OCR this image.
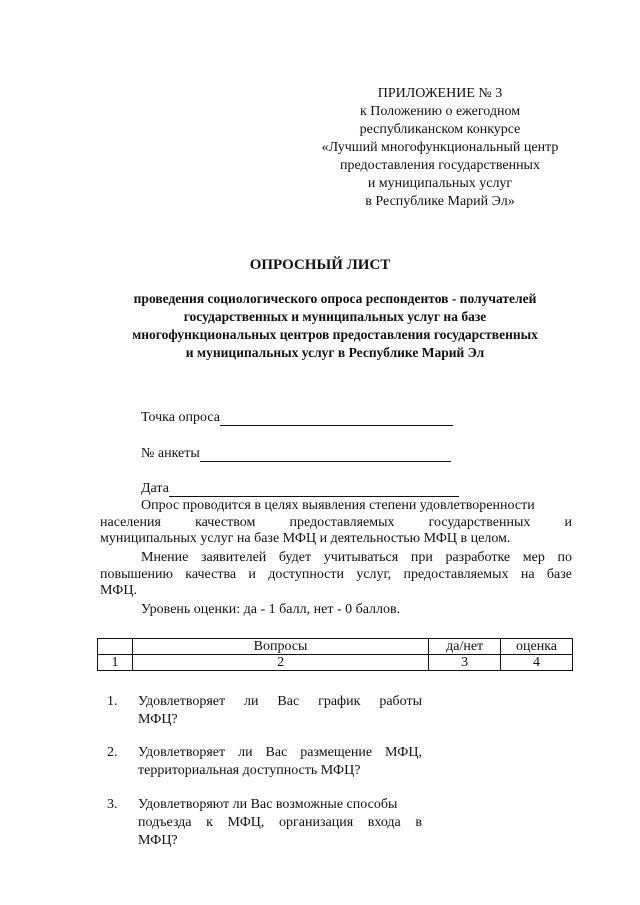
ПРИЛОЖЕНИЕ № 3
к Положению о ежегодном
республиканском конкурсе
«Лучший многофункциональный центр
предоставления государственных
и муниципальных услуг
в Республике Марий Эл»
ОПРОСНЫЙ ЛИСТ
проведения социологического опроса респондентов - получателей
государственных и муниципальных услуг на базе
многофункциональных центров предоставления государственных
и муниципальных услуг в Республике Марий Эл
Точка опроса
№ анкеты
Дата
Опрос проводится в целях выявления степени удовлетворенности
населения качеством предоставляемых государственных и
муниципальных услуг на базе МФЦ и деятельностью МФЦ в целом.
Мнение заявителей будет учитываться при разработке мер по
повышению качества и доступности услуг, предоставляемых на базе
МФЦ.
Уровень оценки: да - 1 балл, нет - 0 баллов.
	Вопросы	да/нет	оценка
1	2	3	4
1. Удовлетворяет ли Вас график работы
МФЦ?
2. Удовлетворяет ли Вас размещение МФЦ,
территориальная доступность МФЦ?
3. Удовлетворяют ли Вас возможные способы
подъезда к МФЦ, организация входа в
МФЦ?
